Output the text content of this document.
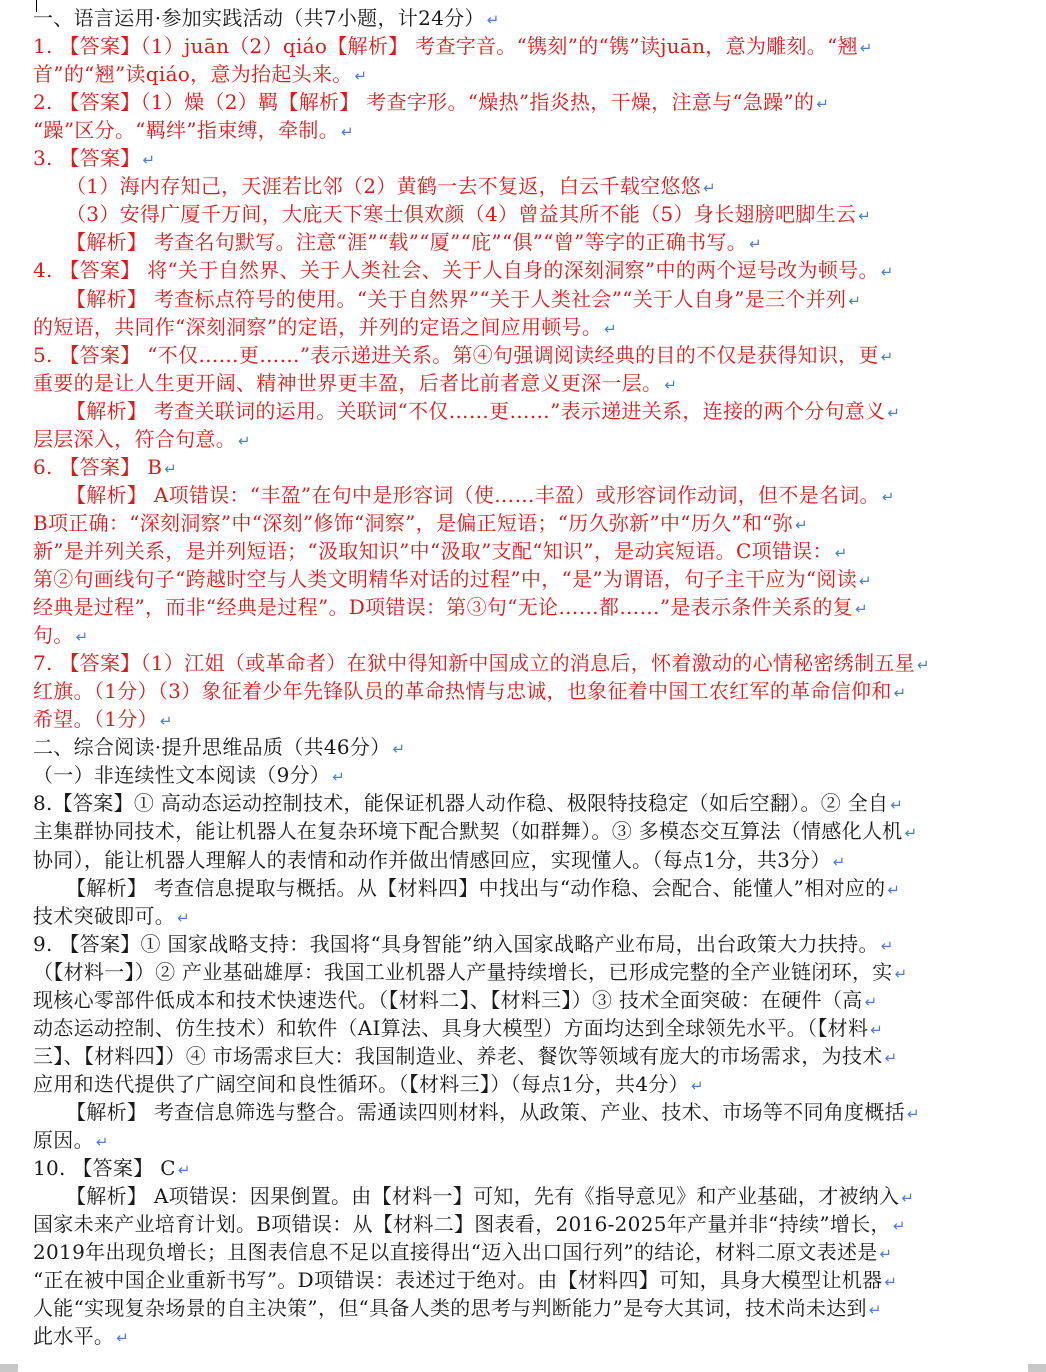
一、语言运用·参加实践活动（共7小题，计24分） ↵
1. 【答案】（1）juān（2）qiáo【解析】 考查字音。“镌刻”的“镌”读juān，意为雕刻。“翘 ↵
首”的“翘”读qiáo，意为抬起头来。 ↵
2. 【答案】（1）燥（2）羁【解析】 考查字形。“燥热”指炎热，干燥，注意与“急躁”的 ↵
“躁”区分。“羁绊”指束缚，牵制。 ↵
3. 【答案】 ↵
（1）海内存知己，天涯若比邻（2）黄鹤一去不复返，白云千载空悠悠 ↵
（3）安得广厦千万间，大庇天下寒士俱欢颜（4）曾益其所不能（5）身长翅膀吧脚生云 ↵
【解析】 考查名句默写。注意“涯”“载”“厦”“庇”“俱”“曾”等字的正确书写。 ↵
4. 【答案】 将“关于自然界、关于人类社会、关于人自身的深刻洞察”中的两个逗号改为顿号。 ↵
【解析】 考查标点符号的使用。“关于自然界”“关于人类社会”“关于人自身”是三个并列 ↵
的短语，共同作“深刻洞察”的定语，并列的定语之间应用顿号。 ↵
5. 【答案】 “不仅……更……”表示递进关系。第④句强调阅读经典的目的不仅是获得知识，更 ↵
重要的是让人生更开阔、精神世界更丰盈，后者比前者意义更深一层。 ↵
【解析】 考查关联词的运用。关联词“不仅……更……”表示递进关系，连接的两个分句意义 ↵
层层深入，符合句意。 ↵
6. 【答案】 B ↵
【解析】 A项错误：“丰盈”在句中是形容词（使……丰盈）或形容词作动词，但不是名词。 ↵
B项正确：“深刻洞察”中“深刻”修饰“洞察”，是偏正短语；“历久弥新”中“历久”和“弥 ↵
新”是并列关系，是并列短语；“汲取知识”中“汲取”支配“知识”，是动宾短语。C项错误： ↵
第②句画线句子“跨越时空与人类文明精华对话的过程”中，“是”为谓语，句子主干应为“阅读 ↵
经典是过程”，而非“经典是过程”。D项错误：第③句“无论……都……”是表示条件关系的复 ↵
句。 ↵
7. 【答案】（1）江姐（或革命者）在狱中得知新中国成立的消息后，怀着激动的心情秘密绣制五星 ↵
红旗。（1分）（3）象征着少年先锋队员的革命热情与忠诚，也象征着中国工农红军的革命信仰和 ↵
希望。（1分） ↵
二、综合阅读·提升思维品质（共46分） ↵
（一）非连续性文本阅读（9分） ↵
8.【答案】① 高动态运动控制技术，能保证机器人动作稳、极限特技稳定（如后空翻）。② 全自 ↵
主集群协同技术，能让机器人在复杂环境下配合默契（如群舞）。③ 多模态交互算法（情感化人机 ↵
协同），能让机器人理解人的表情和动作并做出情感回应，实现懂人。（每点1分，共3分） ↵
【解析】 考查信息提取与概括。从【材料四】中找出与“动作稳、会配合、能懂人”相对应的 ↵
技术突破即可。 ↵
9. 【答案】① 国家战略支持：我国将“具身智能”纳入国家战略产业布局，出台政策大力扶持。 ↵
（【材料一】）② 产业基础雄厚：我国工业机器人产量持续增长，已形成完整的全产业链闭环，实 ↵
现核心零部件低成本和技术快速迭代。（【材料二】、【材料三】）③ 技术全面突破：在硬件（高 ↵
动态运动控制、仿生技术）和软件（AI算法、具身大模型）方面均达到全球领先水平。（【材料 ↵
三】、【材料四】）④ 市场需求巨大：我国制造业、养老、餐饮等领域有庞大的市场需求，为技术 ↵
应用和迭代提供了广阔空间和良性循环。（【材料三】）（每点1分，共4分） ↵
【解析】 考查信息筛选与整合。需通读四则材料，从政策、产业、技术、市场等不同角度概括 ↵
原因。 ↵
10. 【答案】 C ↵
【解析】 A项错误：因果倒置。由【材料一】可知，先有《指导意见》和产业基础，才被纳入 ↵
国家未来产业培育计划。B项错误：从【材料二】图表看，2016-2025年产量并非“持续”增长， ↵
2019年出现负增长；且图表信息不足以直接得出“迈入出口国行列”的结论，材料二原文表述是 ↵
“正在被中国企业重新书写”。D项错误：表述过于绝对。由【材料四】可知，具身大模型让机器 ↵
人能“实现复杂场景的自主决策”，但“具备人类的思考与判断能力”是夸大其词，技术尚未达到 ↵
此水平。 ↵
